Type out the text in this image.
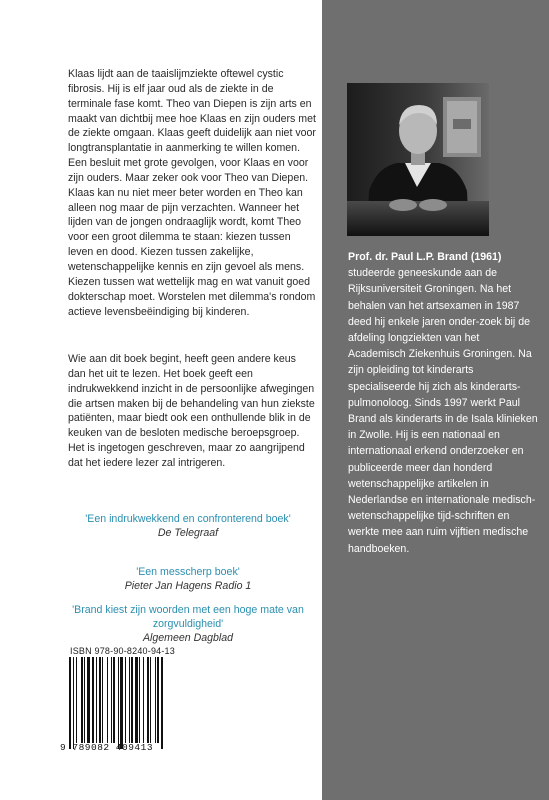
Klaas lijdt aan de taaislijmziekte oftewel cystic fibrosis. Hij is elf jaar oud als de ziekte in de terminale fase komt. Theo van Diepen is zijn arts en maakt van dichtbij mee hoe Klaas en zijn ouders met de ziekte omgaan. Klaas geeft duidelijk aan niet voor longtransplantatie in aanmerking te willen komen. Een besluit met grote gevolgen, voor Klaas en voor zijn ouders. Maar zeker ook voor Theo van Diepen. Klaas kan nu niet meer beter worden en Theo kan alleen nog maar de pijn verzachten. Wanneer het lijden van de jongen ondraaglijk wordt, komt Theo voor een groot dilemma te staan: kiezen tussen leven en dood. Kiezen tussen zakelijke, wetenschappelijke kennis en zijn gevoel als mens. Kiezen tussen wat wettelijk mag en wat vanuit goed dokterschap moet. Worstelen met dilemma's rondom actieve levensbeëindiging bij kinderen.

Wie aan dit boek begint, heeft geen andere keus dan het uit te lezen. Het boek geeft een indrukwekkend inzicht in de persoonlijke afwegingen die artsen maken bij de behandeling van hun ziekste patiënten, maar biedt ook een onthullende blik in de keuken van de besloten medische beroepsgroep. Het is ingetogen geschreven, maar zo aangrijpend dat het iedere lezer zal intrigeren.

'Een indrukwekkend en confronterend boek'

De Telegraaf

'Een messcherp boek'

Pieter Jan Hagens Radio 1

'Brand kiest zijn woorden met een hoge mate van zorgvuldigheid'

Algemeen Dagblad

ISBN 978-90-8240-94-13
9 789082 409413

Prof. dr. Paul L.P. Brand (1961)
studeerde geneeskunde aan de Rijksuniversiteit Groningen. Na het behalen van het artsexamen in 1987 deed hij enkele jaren onder-zoek bij de afdeling longziekten van het Academisch Ziekenhuis Groningen. Na zijn opleiding tot kinderarts specialiseerde hij zich als kinderarts-pulmonoloog. Sinds 1997 werkt Paul Brand als kinderarts in de Isala klinieken in Zwolle. Hij is een nationaal en internationaal erkend onderzoeker en publiceerde meer dan honderd wetenschappelijke artikelen in Nederlandse en internationale medisch-wetenschappelijke tijd-schriften en werkte mee aan ruim vijftien medische handboeken.
